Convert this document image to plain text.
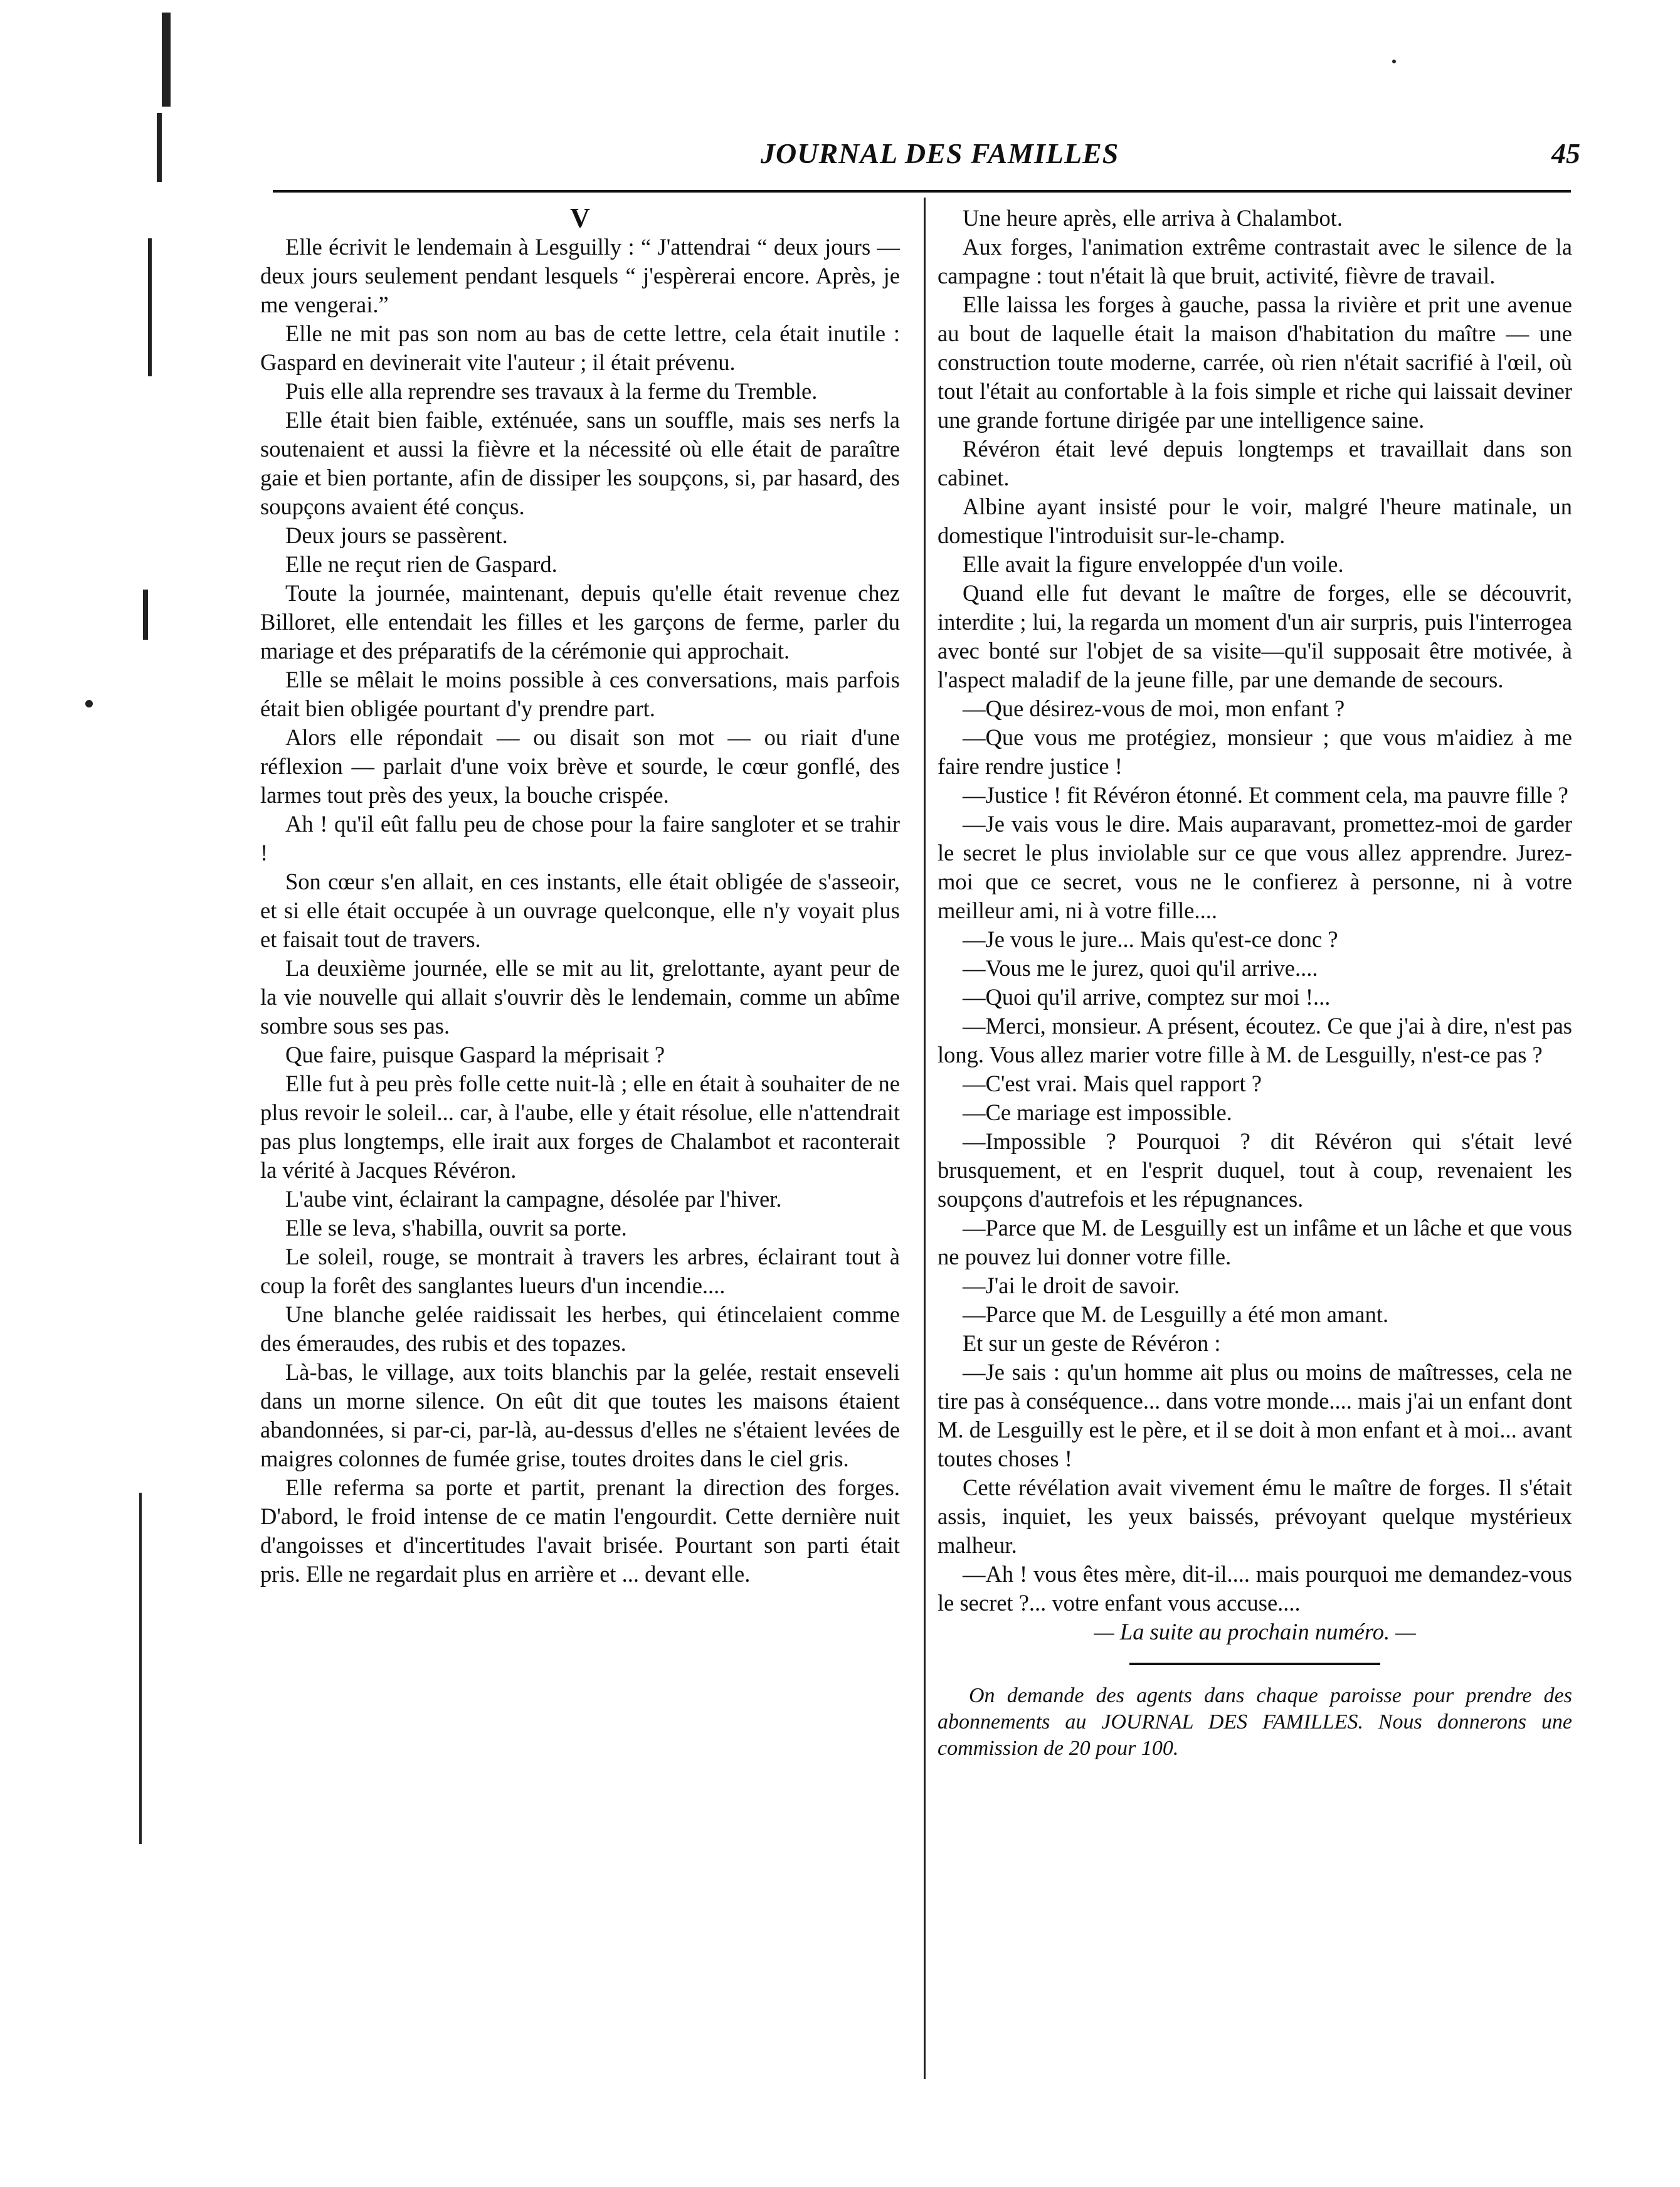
JOURNAL DES FAMILLES	45

V

Elle écrivit le lendemain à Lesguilly : “ J'attendrai “ deux jours — deux jours seulement pendant lesquels “ j'espèrerai encore. Après, je me vengerai.”

Elle ne mit pas son nom au bas de cette lettre, cela était inutile : Gaspard en devinerait vite l'auteur ; il était prévenu.

Puis elle alla reprendre ses travaux à la ferme du Tremble.

Elle était bien faible, exténuée, sans un souffle, mais ses nerfs la soutenaient et aussi la fièvre et la nécessité où elle était de paraître gaie et bien portante, afin de dissiper les soupçons, si, par hasard, des soupçons avaient été conçus.

Deux jours se passèrent.

Elle ne reçut rien de Gaspard.

Toute la journée, maintenant, depuis qu'elle était revenue chez Billoret, elle entendait les filles et les garçons de ferme, parler du mariage et des préparatifs de la cérémonie qui approchait.

Elle se mêlait le moins possible à ces conversations, mais parfois était bien obligée pourtant d'y prendre part.

Alors elle répondait — ou disait son mot — ou riait d'une réflexion — parlait d'une voix brève et sourde, le cœur gonflé, des larmes tout près des yeux, la bouche crispée.

Ah ! qu'il eût fallu peu de chose pour la faire sangloter et se trahir !

Son cœur s'en allait, en ces instants, elle était obligée de s'asseoir, et si elle était occupée à un ouvrage quelconque, elle n'y voyait plus et faisait tout de travers.

La deuxième journée, elle se mit au lit, grelottante, ayant peur de la vie nouvelle qui allait s'ouvrir dès le lendemain, comme un abîme sombre sous ses pas.

Que faire, puisque Gaspard la méprisait ?

Elle fut à peu près folle cette nuit-là ; elle en était à souhaiter de ne plus revoir le soleil... car, à l'aube, elle y était résolue, elle n'attendrait pas plus longtemps, elle irait aux forges de Chalambot et raconterait la vérité à Jacques Révéron.

L'aube vint, éclairant la campagne, désolée par l'hiver.

Elle se leva, s'habilla, ouvrit sa porte.

Le soleil, rouge, se montrait à travers les arbres, éclairant tout à coup la forêt des sanglantes lueurs d'un incendie....

Une blanche gelée raidissait les herbes, qui étincelaient comme des émeraudes, des rubis et des topazes.

Là-bas, le village, aux toits blanchis par la gelée, restait enseveli dans un morne silence. On eût dit que toutes les maisons étaient abandonnées, si par-ci, par-là, au-dessus d'elles ne s'étaient levées de maigres colonnes de fumée grise, toutes droites dans le ciel gris.

Elle referma sa porte et partit, prenant la direction des forges. D'abord, le froid intense de ce matin l'engourdit. Cette dernière nuit d'angoisses et d'incertitudes l'avait brisée. Pourtant son parti était pris. Elle ne regardait plus en arrière et ... devant elle.

Une heure après, elle arriva à Chalambot.

Aux forges, l'animation extrême contrastait avec le silence de la campagne : tout n'était là que bruit, activité, fièvre de travail.

Elle laissa les forges à gauche, passa la rivière et prit une avenue au bout de laquelle était la maison d'habitation du maître — une construction toute moderne, carrée, où rien n'était sacrifié à l'œil, où tout l'était au confortable à la fois simple et riche qui laissait deviner une grande fortune dirigée par une intelligence saine.

Révéron était levé depuis longtemps et travaillait dans son cabinet.

Albine ayant insisté pour le voir, malgré l'heure matinale, un domestique l'introduisit sur-le-champ.

Elle avait la figure enveloppée d'un voile.

Quand elle fut devant le maître de forges, elle se découvrit, interdite ; lui, la regarda un moment d'un air surpris, puis l'interrogea avec bonté sur l'objet de sa visite—qu'il supposait être motivée, à l'aspect maladif de la jeune fille, par une demande de secours.

—Que désirez-vous de moi, mon enfant ?

—Que vous me protégiez, monsieur ; que vous m'aidiez à me faire rendre justice !

—Justice ! fit Révéron étonné. Et comment cela, ma pauvre fille ?

—Je vais vous le dire. Mais auparavant, promettez-moi de garder le secret le plus inviolable sur ce que vous allez apprendre. Jurez-moi que ce secret, vous ne le confierez à personne, ni à votre meilleur ami, ni à votre fille....

—Je vous le jure... Mais qu'est-ce donc ?

—Vous me le jurez, quoi qu'il arrive....

—Quoi qu'il arrive, comptez sur moi !...

—Merci, monsieur. A présent, écoutez. Ce que j'ai à dire, n'est pas long. Vous allez marier votre fille à M. de Lesguilly, n'est-ce pas ?

—C'est vrai. Mais quel rapport ?

—Ce mariage est impossible.

—Impossible ? Pourquoi ? dit Révéron qui s'était levé brusquement, et en l'esprit duquel, tout à coup, revenaient les soupçons d'autrefois et les répugnances.

—Parce que M. de Lesguilly est un infâme et un lâche et que vous ne pouvez lui donner votre fille.

—J'ai le droit de savoir.

—Parce que M. de Lesguilly a été mon amant.

Et sur un geste de Révéron :

—Je sais : qu'un homme ait plus ou moins de maîtresses, cela ne tire pas à conséquence... dans votre monde.... mais j'ai un enfant dont M. de Lesguilly est le père, et il se doit à mon enfant et à moi... avant toutes choses !

Cette révélation avait vivement ému le maître de forges. Il s'était assis, inquiet, les yeux baissés, prévoyant quelque mystérieux malheur.

—Ah ! vous êtes mère, dit-il.... mais pourquoi me demandez-vous le secret ?... votre enfant vous accuse....

— La suite au prochain numéro. —

On demande des agents dans chaque paroisse pour prendre des abonnements au JOURNAL DES FAMILLES. Nous donnerons une commission de 20 pour 100.
